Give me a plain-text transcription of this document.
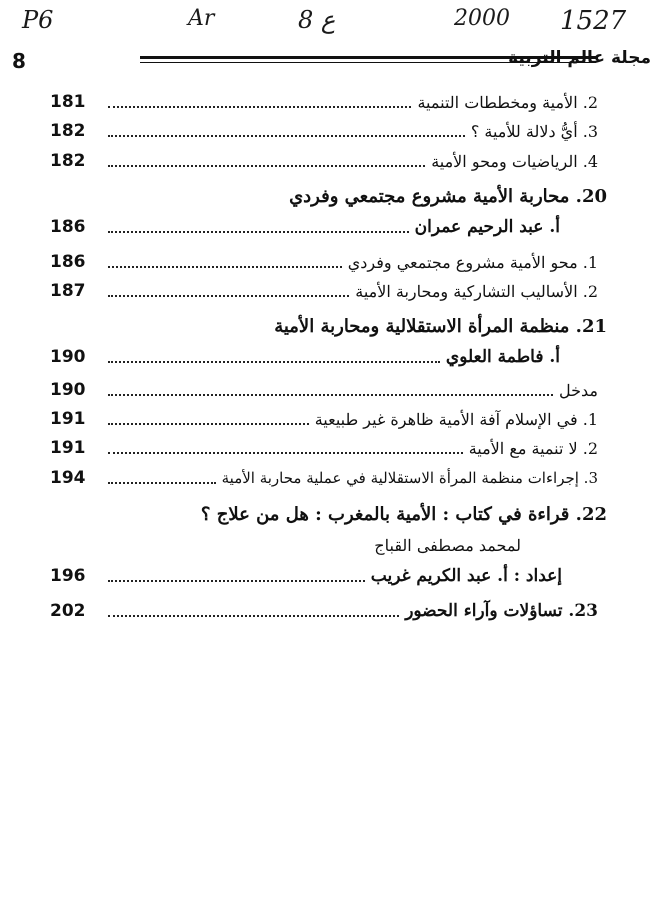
P6	Ar	8 ع	2000 1527
8	مجلة عالم التربية
181	2. الأمية ومخططات التنمية
182	3. أيُّ دلالة للأمية ؟
182	4. الرياضيات ومحو الأمية
20. محاربة الأمية مشروع مجتمعي وفردي
186	أ. عبد الرحيم عمران
186	1. محو الأمية مشروع مجتمعي وفردي
187	2. الأساليب التشاركية ومحاربة الأمية
21. منظمة المرأة الاستقلالية ومحاربة الأمية
190	أ. فاطمة العلوي
190	مدخل
191	1. في الإسلام آفة الأمية ظاهرة غير طبيعية
191	2. لا تنمية مع الأمية
194	3. إجراءات منظمة المرأة الاستقلالية في عملية محاربة الأمية
22. قراءة في كتاب : الأمية بالمغرب : هل من علاج ؟
لمحمد مصطفى القباج
196	إعداد : أ. عبد الكريم غريب
202	23. تساؤلات وآراء الحضور
